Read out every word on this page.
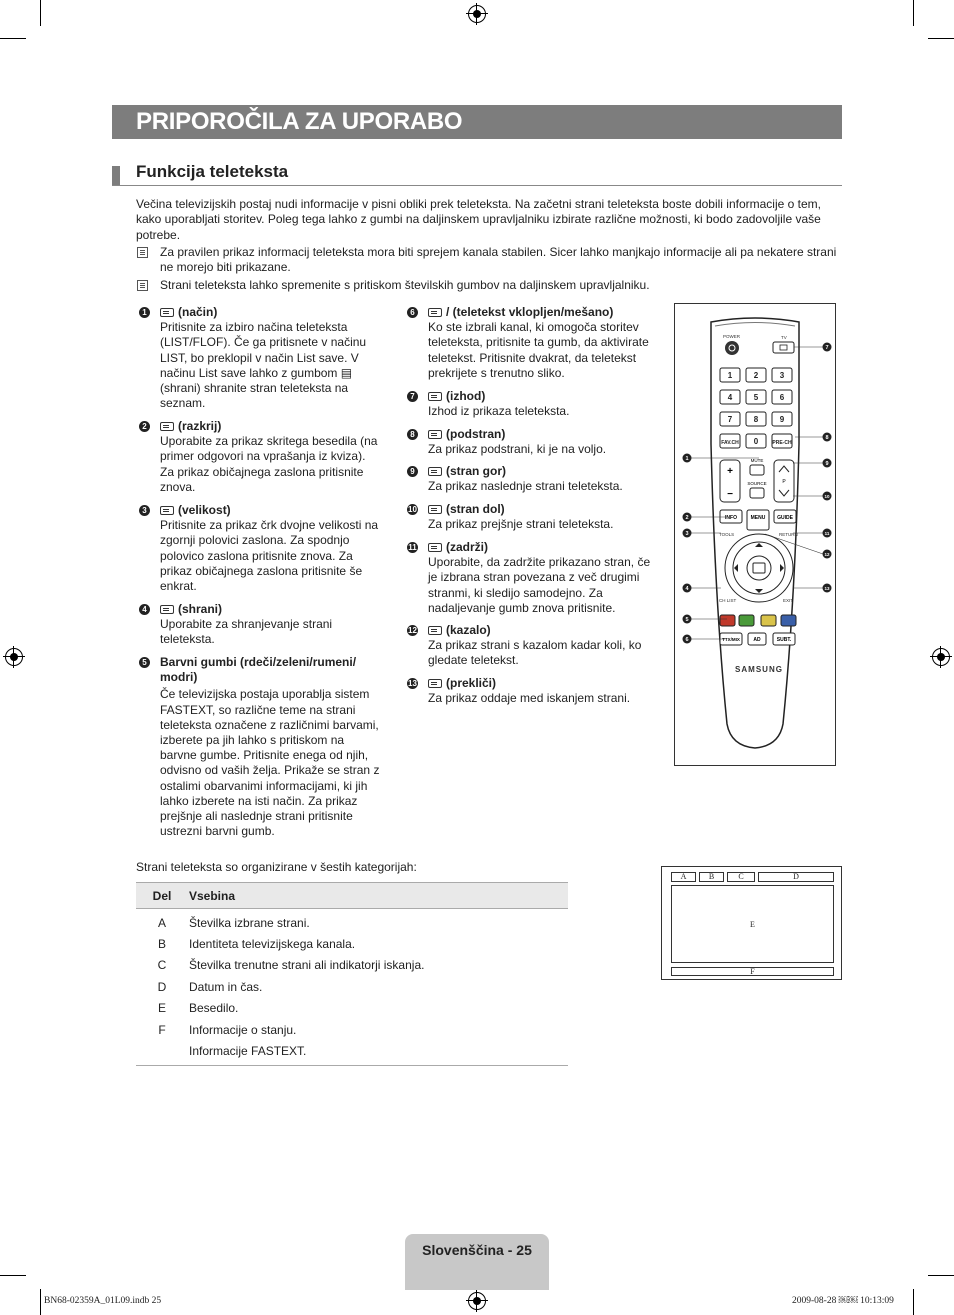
PRIPOROČILA ZA UPORABO
Funkcija teleteksta

Večina televizijskih postaj nudi informacije v pisni obliki prek teleteksta. Na začetni strani teleteksta boste dobili informacije o tem, kako uporabljati storitev. Poleg tega lahko z gumbi na daljinskem upravljalniku izbirate različne možnosti, ki bodo zadovoljile vaše potrebe.

Za pravilen prikaz informacij teleteksta mora biti sprejem kanala stabilen. Sicer lahko manjkajo informacije ali pa nekatere strani ne morejo biti prikazane.

Strani teleteksta lahko spremenite s pritiskom številskih gumbov na daljinskem upravljalniku.

1	(način)
Pritisnite za izbiro načina teleteksta (LIST/FLOF). Če ga pritisnete v načinu LIST, bo preklopil v način List save. V načinu List save lahko z gumbom ▤ (shrani) shranite stran teleteksta na seznam.
2	(razkrij)
Uporabite za prikaz skritega besedila (na primer odgovori na vprašanja iz kviza). Za prikaz običajnega zaslona pritisnite znova.
3	(velikost)
Pritisnite za prikaz črk dvojne velikosti na zgornji polovici zaslona. Za spodnjo polovico zaslona pritisnite znova. Za prikaz običajnega zaslona pritisnite še enkrat.
4	(shrani)
Uporabite za shranjevanje strani teleteksta.
5 Barvni gumbi (rdeči/zeleni/rumeni/ modri)
Če televizijska postaja uporablja sistem FASTEXT, so različne teme na strani teleteksta označene z različnimi barvami, izberete pa jih lahko s pritiskom na barvne gumbe. Pritisnite enega od njih, odvisno od vaših želja. Prikaže se stran z ostalimi obarvanimi informacijami, ki jih lahko izberete na isti način. Za prikaz prejšnje ali naslednje strani pritisnite ustrezni barvni gumb.
6	/ (teletekst vklopljen/mešano)
Ko ste izbrali kanal, ki omogoča storitev teleteksta, pritisnite ta gumb, da aktivirate teletekst. Pritisnite dvakrat, da teletekst prekrijete s trenutno sliko.
7	(izhod)
Izhod iz prikaza teleteksta.
8	(podstran)
Za prikaz podstrani, ki je na voljo.
9	(stran gor)
Za prikaz naslednje strani teleteksta.
10	(stran dol)
Za prikaz prejšnje strani teleteksta.
11	(zadrži)
Uporabite, da zadržite prikazano stran, če je izbrana stran povezana z več drugimi stranmi, ki sledijo samodejno. Za nadaljevanje gumb znova pritisnite.
12	(kazalo)
Za prikaz strani s kazalom kadar koli, ko gledate teletekst.
13	(prekliči)
Za prikaz oddaje med iskanjem strani.
POWER	TV
1	2	3
4	5	6
7	8	9
FAV.CH 0	PRE-CH
+
−
P
MUTE
SOURCE
INFO	MENU GUIDE
TOOLS	RETURN
CH LIST	EXIT
TTX/MIX	AD	SUBT.
SAMSUNG
1
2
3
4
5
6
7
8
9
10
11
12
13

Strani teleteksta so organizirane v šestih kategorijah:

Del	Vsebina
A	Številka izbrane strani.
B	Identiteta televizijskega kanala.
C	Številka trenutne strani ali indikatorji iskanja.
D	Datum in čas.
E	Besedilo.
F	Informacije o stanju.
	Informacije FASTEXT.
A	B	C	D
E
F
Slovenščina - 25
BN68-02359A_01L09.indb 25	2009-08-28 ￼￼ 10:13:09
